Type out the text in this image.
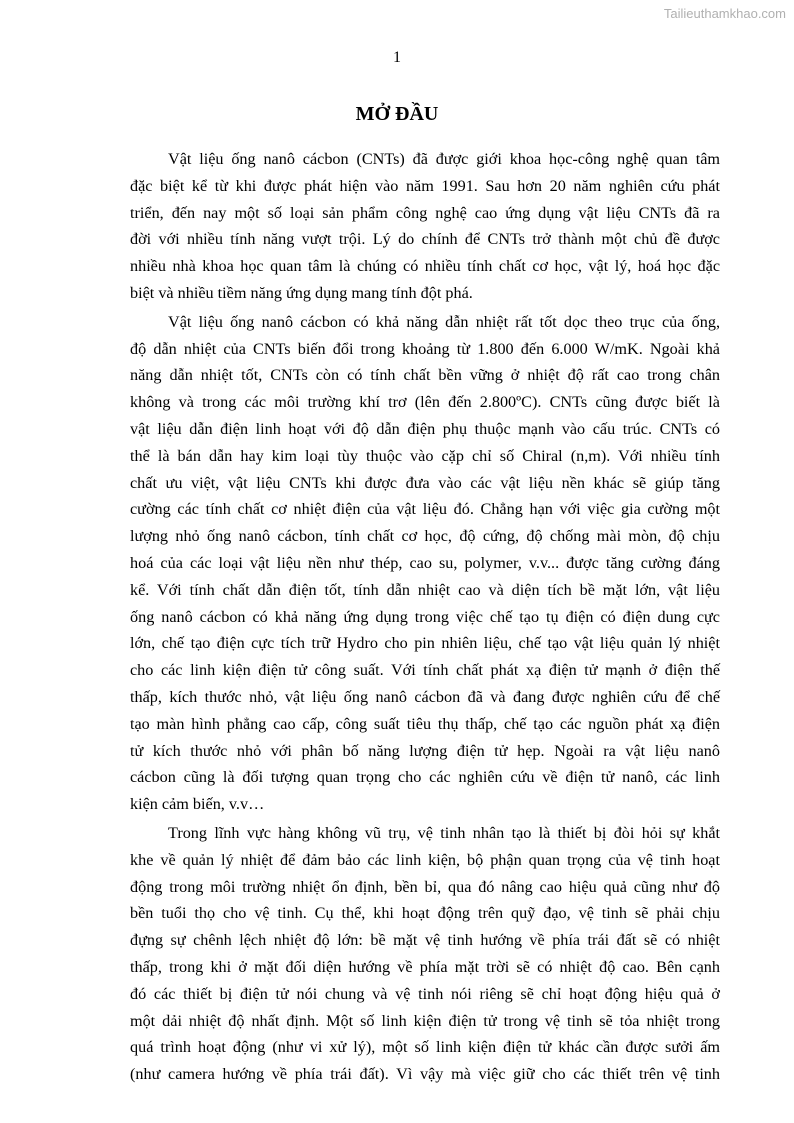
Tailieuthamkhao.com
1
MỞ ĐẦU
Vật liệu ống nanô cácbon (CNTs) đã được giới khoa học-công nghệ quan tâm
đặc biệt kể từ khi được phát hiện vào năm 1991. Sau hơn 20 năm nghiên cứu phát
triển, đến nay một số loại sản phẩm công nghệ cao ứng dụng vật liệu CNTs đã ra
đời với nhiều tính năng vượt trội. Lý do chính để CNTs trở thành một chủ đề được
nhiều nhà khoa học quan tâm là chúng có nhiều tính chất cơ học, vật lý, hoá học đặc
biệt và nhiều tiềm năng ứng dụng mang tính đột phá.
Vật liệu ống nanô cácbon có khả năng dẫn nhiệt rất tốt dọc theo trục của ống,
độ dẫn nhiệt của CNTs biến đổi trong khoảng từ 1.800 đến 6.000 W/mK. Ngoài khả
năng dẫn nhiệt tốt, CNTs còn có tính chất bền vững ở nhiệt độ rất cao trong chân
không và trong các môi trường khí trơ (lên đến 2.800ºC). CNTs cũng được biết là
vật liệu dẫn điện linh hoạt với độ dẫn điện phụ thuộc mạnh vào cấu trúc. CNTs có
thể là bán dẫn hay kim loại tùy thuộc vào cặp chỉ số Chiral (n,m). Với nhiều tính
chất ưu việt, vật liệu CNTs khi được đưa vào các vật liệu nền khác sẽ giúp tăng
cường các tính chất cơ nhiệt điện của vật liệu đó. Chẳng hạn với việc gia cường một
lượng nhỏ ống nanô cácbon, tính chất cơ học, độ cứng, độ chống mài mòn, độ chịu
hoá của các loại vật liệu nền như thép, cao su, polymer, v.v... được tăng cường đáng
kể. Với tính chất dẫn điện tốt, tính dẫn nhiệt cao và diện tích bề mặt lớn, vật liệu
ống nanô cácbon có khả năng ứng dụng trong việc chế tạo tụ điện có điện dung cực
lớn, chế tạo điện cực tích trữ Hydro cho pin nhiên liệu, chế tạo vật liệu quản lý nhiệt
cho các linh kiện điện tử công suất. Với tính chất phát xạ điện tử mạnh ở điện thế
thấp, kích thước nhỏ, vật liệu ống nanô cácbon đã và đang được nghiên cứu để chế
tạo màn hình phẳng cao cấp, công suất tiêu thụ thấp, chế tạo các nguồn phát xạ điện
tử kích thước nhỏ với phân bố năng lượng điện tử hẹp. Ngoài ra vật liệu nanô
cácbon cũng là đối tượng quan trọng cho các nghiên cứu về điện tử nanô, các linh
kiện cảm biến, v.v…
Trong lĩnh vực hàng không vũ trụ, vệ tinh nhân tạo là thiết bị đòi hỏi sự khắt
khe về quản lý nhiệt để đảm bảo các linh kiện, bộ phận quan trọng của vệ tinh hoạt
động trong môi trường nhiệt ổn định, bền bỉ, qua đó nâng cao hiệu quả cũng như độ
bền tuổi thọ cho vệ tinh. Cụ thể, khi hoạt động trên quỹ đạo, vệ tinh sẽ phải chịu
đựng sự chênh lệch nhiệt độ lớn: bề mặt vệ tinh hướng về phía trái đất sẽ có nhiệt
thấp, trong khi ở mặt đối diện hướng về phía mặt trời sẽ có nhiệt độ cao. Bên cạnh
đó các thiết bị điện tử nói chung và vệ tinh nói riêng sẽ chỉ hoạt động hiệu quả ở
một dải nhiệt độ nhất định. Một số linh kiện điện tử trong vệ tinh sẽ tỏa nhiệt trong
quá trình hoạt động (như vi xử lý), một số linh kiện điện tử khác cần được sưởi ấm
(như camera hướng về phía trái đất). Vì vậy mà việc giữ cho các thiết trên vệ tinh
